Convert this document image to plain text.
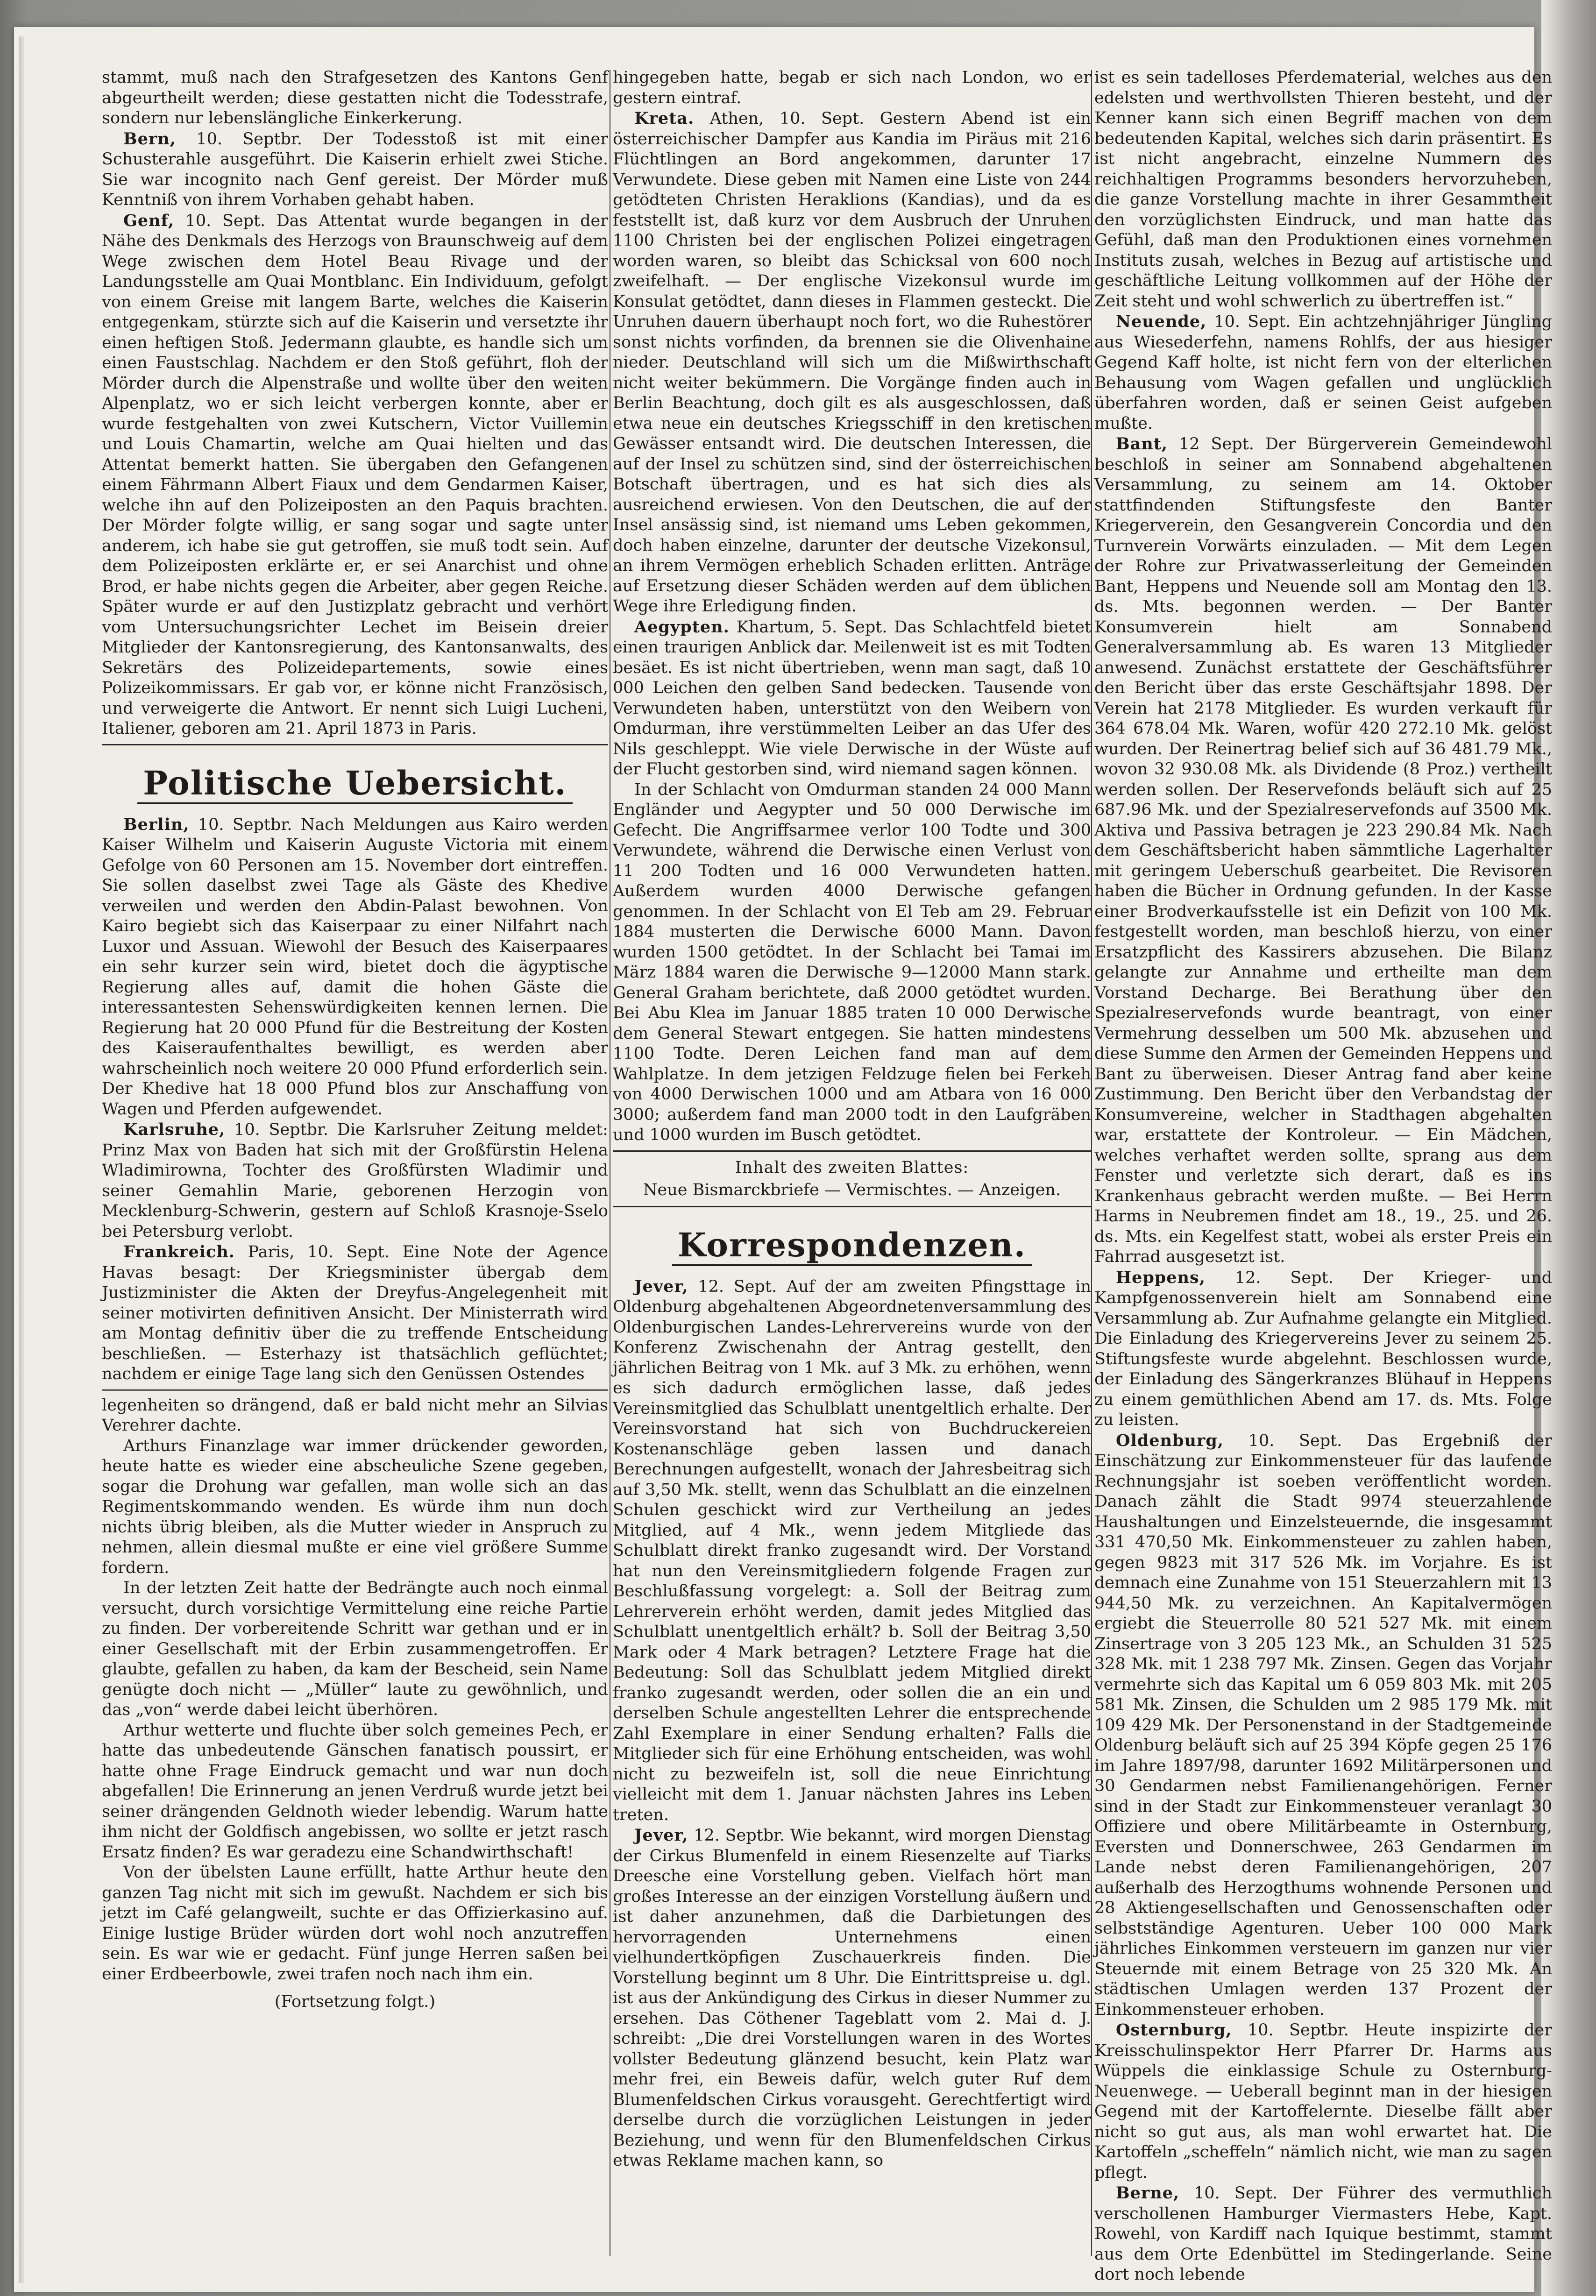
stammt, muß nach den Strafgesetzen des Kantons Genf abgeurtheilt werden; diese gestatten nicht die Todesstrafe, sondern nur lebenslängliche Einkerkerung.

Bern, 10. Septbr. Der Todesstoß ist mit einer Schusterahle ausgeführt. Die Kaiserin erhielt zwei Stiche. Sie war incognito nach Genf gereist. Der Mörder muß Kenntniß von ihrem Vorhaben gehabt haben.

Genf, 10. Sept. Das Attentat wurde begangen in der Nähe des Denkmals des Herzogs von Braunschweig auf dem Wege zwischen dem Hotel Beau Rivage und der Landungsstelle am Quai Montblanc. Ein Individuum, gefolgt von einem Greise mit langem Barte, welches die Kaiserin entgegenkam, stürzte sich auf die Kaiserin und versetzte ihr einen heftigen Stoß. Jedermann glaubte, es handle sich um einen Faustschlag. Nachdem er den Stoß geführt, floh der Mörder durch die Alpenstraße und wollte über den weiten Alpenplatz, wo er sich leicht verbergen konnte, aber er wurde festgehalten von zwei Kutschern, Victor Vuillemin und Louis Chamartin, welche am Quai hielten und das Attentat bemerkt hatten. Sie übergaben den Gefangenen einem Fährmann Albert Fiaux und dem Gendarmen Kaiser, welche ihn auf den Polizeiposten an den Paquis brachten. Der Mörder folgte willig, er sang sogar und sagte unter anderem, ich habe sie gut getroffen, sie muß todt sein. Auf dem Polizeiposten erklärte er, er sei Anarchist und ohne Brod, er habe nichts gegen die Arbeiter, aber gegen Reiche. Später wurde er auf den Justizplatz gebracht und verhört vom Untersuchungsrichter Lechet im Beisein dreier Mitglieder der Kantonsregierung, des Kantonsanwalts, des Sekretärs des Polizeidepartements, sowie eines Polizeikommissars. Er gab vor, er könne nicht Französisch, und verweigerte die Antwort. Er nennt sich Luigi Lucheni, Italiener, geboren am 21. April 1873 in Paris.

Politische Uebersicht.

Berlin, 10. Septbr. Nach Meldungen aus Kairo werden Kaiser Wilhelm und Kaiserin Auguste Victoria mit einem Gefolge von 60 Personen am 15. November dort eintreffen. Sie sollen daselbst zwei Tage als Gäste des Khedive verweilen und werden den Abdin-Palast bewohnen. Von Kairo begiebt sich das Kaiserpaar zu einer Nilfahrt nach Luxor und Assuan. Wiewohl der Besuch des Kaiserpaares ein sehr kurzer sein wird, bietet doch die ägyptische Regierung alles auf, damit die hohen Gäste die interessantesten Sehenswürdigkeiten kennen lernen. Die Regierung hat 20 000 Pfund für die Bestreitung der Kosten des Kaiseraufenthaltes bewilligt, es werden aber wahrscheinlich noch weitere 20 000 Pfund erforderlich sein. Der Khedive hat 18 000 Pfund blos zur Anschaffung von Wagen und Pferden aufgewendet.

Karlsruhe, 10. Septbr. Die Karlsruher Zeitung meldet: Prinz Max von Baden hat sich mit der Großfürstin Helena Wladimirowna, Tochter des Großfürsten Wladimir und seiner Gemahlin Marie, geborenen Herzogin von Mecklenburg-Schwerin, gestern auf Schloß Krasnoje-Sselo bei Petersburg verlobt.

Frankreich. Paris, 10. Sept. Eine Note der Agence Havas besagt: Der Kriegsminister übergab dem Justizminister die Akten der Dreyfus-Angelegenheit mit seiner motivirten definitiven Ansicht. Der Ministerrath wird am Montag definitiv über die zu treffende Entscheidung beschließen. — Esterhazy ist thatsächlich geflüchtet; nachdem er einige Tage lang sich den Genüssen Ostendes

legenheiten so drängend, daß er bald nicht mehr an Silvias Verehrer dachte.

Arthurs Finanzlage war immer drückender geworden, heute hatte es wieder eine abscheuliche Szene gegeben, sogar die Drohung war gefallen, man wolle sich an das Regimentskommando wenden. Es würde ihm nun doch nichts übrig bleiben, als die Mutter wieder in Anspruch zu nehmen, allein diesmal mußte er eine viel größere Summe fordern.

In der letzten Zeit hatte der Bedrängte auch noch einmal versucht, durch vorsichtige Vermittelung eine reiche Partie zu finden. Der vorbereitende Schritt war gethan und er in einer Gesellschaft mit der Erbin zusammengetroffen. Er glaubte, gefallen zu haben, da kam der Bescheid, sein Name genügte doch nicht — „Müller“ laute zu gewöhnlich, und das „von“ werde dabei leicht überhören.

Arthur wetterte und fluchte über solch gemeines Pech, er hatte das unbedeutende Gänschen fanatisch poussirt, er hatte ohne Frage Eindruck gemacht und war nun doch abgefallen! Die Erinnerung an jenen Verdruß wurde jetzt bei seiner drängenden Geldnoth wieder lebendig. Warum hatte ihm nicht der Goldfisch angebissen, wo sollte er jetzt rasch Ersatz finden? Es war geradezu eine Schandwirthschaft!

Von der übelsten Laune erfüllt, hatte Arthur heute den ganzen Tag nicht mit sich im gewußt. Nachdem er sich bis jetzt im Café gelangweilt, suchte er das Offizierkasino auf. Einige lustige Brüder würden dort wohl noch anzutreffen sein. Es war wie er gedacht. Fünf junge Herren saßen bei einer Erdbeerbowle, zwei trafen noch nach ihm ein.

(Fortsetzung folgt.)

hingegeben hatte, begab er sich nach London, wo er gestern eintraf.

Kreta. Athen, 10. Sept. Gestern Abend ist ein österreichischer Dampfer aus Kandia im Piräus mit 216 Flüchtlingen an Bord angekommen, darunter 17 Verwundete. Diese geben mit Namen eine Liste von 244 getödteten Christen Heraklions (Kandias), und da es feststellt ist, daß kurz vor dem Ausbruch der Unruhen 1100 Christen bei der englischen Polizei eingetragen worden waren, so bleibt das Schicksal von 600 noch zweifelhaft. — Der englische Vizekonsul wurde im Konsulat getödtet, dann dieses in Flammen gesteckt. Die Unruhen dauern überhaupt noch fort, wo die Ruhestörer sonst nichts vorfinden, da brennen sie die Olivenhaine nieder. Deutschland will sich um die Mißwirthschaft nicht weiter bekümmern. Die Vorgänge finden auch in Berlin Beachtung, doch gilt es als ausgeschlossen, daß etwa neue ein deutsches Kriegsschiff in den kretischen Gewässer entsandt wird. Die deutschen Interessen, die auf der Insel zu schützen sind, sind der österreichischen Botschaft übertragen, und es hat sich dies als ausreichend erwiesen. Von den Deutschen, die auf der Insel ansässig sind, ist niemand ums Leben gekommen, doch haben einzelne, darunter der deutsche Vizekonsul, an ihrem Vermögen erheblich Schaden erlitten. Anträge auf Ersetzung dieser Schäden werden auf dem üblichen Wege ihre Erledigung finden.

Aegypten. Khartum, 5. Sept. Das Schlachtfeld bietet einen traurigen Anblick dar. Meilenweit ist es mit Todten besäet. Es ist nicht übertrieben, wenn man sagt, daß 10 000 Leichen den gelben Sand bedecken. Tausende von Verwundeten haben, unterstützt von den Weibern von Omdurman, ihre verstümmelten Leiber an das Ufer des Nils geschleppt. Wie viele Derwische in der Wüste auf der Flucht gestorben sind, wird niemand sagen können.

In der Schlacht von Omdurman standen 24 000 Mann Engländer und Aegypter und 50 000 Derwische im Gefecht. Die Angriffsarmee verlor 100 Todte und 300 Verwundete, während die Derwische einen Verlust von 11 200 Todten und 16 000 Verwundeten hatten. Außerdem wurden 4000 Derwische gefangen genommen. In der Schlacht von El Teb am 29. Februar 1884 musterten die Derwische 6000 Mann. Davon wurden 1500 getödtet. In der Schlacht bei Tamai im März 1884 waren die Derwische 9—12000 Mann stark. General Graham berichtete, daß 2000 getödtet wurden. Bei Abu Klea im Januar 1885 traten 10 000 Derwische dem General Stewart entgegen. Sie hatten mindestens 1100 Todte. Deren Leichen fand man auf dem Wahlplatze. In dem jetzigen Feldzuge fielen bei Ferkeh von 4000 Derwischen 1000 und am Atbara von 16 000 3000; außerdem fand man 2000 todt in den Laufgräben und 1000 wurden im Busch getödtet.

Inhalt des zweiten Blattes:
Neue Bismarckbriefe — Vermischtes. — Anzeigen.
Korrespondenzen.

Jever, 12. Sept. Auf der am zweiten Pfingsttage in Oldenburg abgehaltenen Abgeordnetenversammlung des Oldenburgischen Landes-Lehrervereins wurde von der Konferenz Zwischenahn der Antrag gestellt, den jährlichen Beitrag von 1 Mk. auf 3 Mk. zu erhöhen, wenn es sich dadurch ermöglichen lasse, daß jedes Vereinsmitglied das Schulblatt unentgeltlich erhalte. Der Vereinsvorstand hat sich von Buchdruckereien Kostenanschläge geben lassen und danach Berechnungen aufgestellt, wonach der Jahresbeitrag sich auf 3,50 Mk. stellt, wenn das Schulblatt an die einzelnen Schulen geschickt wird zur Vertheilung an jedes Mitglied, auf 4 Mk., wenn jedem Mitgliede das Schulblatt direkt franko zugesandt wird. Der Vorstand hat nun den Vereinsmitgliedern folgende Fragen zur Beschlußfassung vorgelegt: a. Soll der Beitrag zum Lehrerverein erhöht werden, damit jedes Mitglied das Schulblatt unentgeltlich erhält? b. Soll der Beitrag 3,50 Mark oder 4 Mark betragen? Letztere Frage hat die Bedeutung: Soll das Schulblatt jedem Mitglied direkt franko zugesandt werden, oder sollen die an ein und derselben Schule angestellten Lehrer die entsprechende Zahl Exemplare in einer Sendung erhalten? Falls die Mitglieder sich für eine Erhöhung entscheiden, was wohl nicht zu bezweifeln ist, soll die neue Einrichtung vielleicht mit dem 1. Januar nächsten Jahres ins Leben treten.

Jever, 12. Septbr. Wie bekannt, wird morgen Dienstag der Cirkus Blumenfeld in einem Riesenzelte auf Tiarks Dreesche eine Vorstellung geben. Vielfach hört man großes Interesse an der einzigen Vorstellung äußern und ist daher anzunehmen, daß die Darbietungen des hervorragenden Unternehmens einen vielhundertköpfigen Zuschauerkreis finden. Die Vorstellung beginnt um 8 Uhr. Die Eintrittspreise u. dgl. ist aus der Ankündigung des Cirkus in dieser Nummer zu ersehen. Das Cöthener Tageblatt vom 2. Mai d. J. schreibt: „Die drei Vorstellungen waren in des Wortes vollster Bedeutung glänzend besucht, kein Platz war mehr frei, ein Beweis dafür, welch guter Ruf dem Blumenfeldschen Cirkus vorausgeht. Gerechtfertigt wird derselbe durch die vorzüglichen Leistungen in jeder Beziehung, und wenn für den Blumenfeldschen Cirkus etwas Reklame machen kann, so

ist es sein tadelloses Pferdematerial, welches aus den edelsten und werthvollsten Thieren besteht, und der Kenner kann sich einen Begriff machen von dem bedeutenden Kapital, welches sich darin präsentirt. Es ist nicht angebracht, einzelne Nummern des reichhaltigen Programms besonders hervorzuheben, die ganze Vorstellung machte in ihrer Gesammtheit den vorzüglichsten Eindruck, und man hatte das Gefühl, daß man den Produktionen eines vornehmen Instituts zusah, welches in Bezug auf artistische und geschäftliche Leitung vollkommen auf der Höhe der Zeit steht und wohl schwerlich zu übertreffen ist.“

Neuende, 10. Sept. Ein achtzehnjähriger Jüngling aus Wiesederfehn, namens Rohlfs, der aus hiesiger Gegend Kaff holte, ist nicht fern von der elterlichen Behausung vom Wagen gefallen und unglücklich überfahren worden, daß er seinen Geist aufgeben mußte.

Bant, 12 Sept. Der Bürgerverein Gemeindewohl beschloß in seiner am Sonnabend abgehaltenen Versammlung, zu seinem am 14. Oktober stattfindenden Stiftungsfeste den Banter Kriegerverein, den Gesangverein Concordia und den Turnverein Vorwärts einzuladen. — Mit dem Legen der Rohre zur Privatwasserleitung der Gemeinden Bant, Heppens und Neuende soll am Montag den 13. ds. Mts. begonnen werden. — Der Banter Konsumverein hielt am Sonnabend Generalversammlung ab. Es waren 13 Mitglieder anwesend. Zunächst erstattete der Geschäftsführer den Bericht über das erste Geschäftsjahr 1898. Der Verein hat 2178 Mitglieder. Es wurden verkauft für 364 678.04 Mk. Waren, wofür 420 272.10 Mk. gelöst wurden. Der Reinertrag belief sich auf 36 481.79 Mk., wovon 32 930.08 Mk. als Dividende (8 Proz.) vertheilt werden sollen. Der Reservefonds beläuft sich auf 25 687.96 Mk. und der Spezialreservefonds auf 3500 Mk. Aktiva und Passiva betragen je 223 290.84 Mk. Nach dem Geschäftsbericht haben sämmtliche Lagerhalter mit geringem Ueberschuß gearbeitet. Die Revisoren haben die Bücher in Ordnung gefunden. In der Kasse einer Brodverkaufsstelle ist ein Defizit von 100 Mk. festgestellt worden, man beschloß hierzu, von einer Ersatzpflicht des Kassirers abzusehen. Die Bilanz gelangte zur Annahme und ertheilte man dem Vorstand Decharge. Bei Berathung über den Spezialreservefonds wurde beantragt, von einer Vermehrung desselben um 500 Mk. abzusehen und diese Summe den Armen der Gemeinden Heppens und Bant zu überweisen. Dieser Antrag fand aber keine Zustimmung. Den Bericht über den Verbandstag der Konsumvereine, welcher in Stadthagen abgehalten war, erstattete der Kontroleur. — Ein Mädchen, welches verhaftet werden sollte, sprang aus dem Fenster und verletzte sich derart, daß es ins Krankenhaus gebracht werden mußte. — Bei Herrn Harms in Neubremen findet am 18., 19., 25. und 26. ds. Mts. ein Kegelfest statt, wobei als erster Preis ein Fahrrad ausgesetzt ist.

Heppens, 12. Sept. Der Krieger- und Kampfgenossenverein hielt am Sonnabend eine Versammlung ab. Zur Aufnahme gelangte ein Mitglied. Die Einladung des Kriegervereins Jever zu seinem 25. Stiftungsfeste wurde abgelehnt. Beschlossen wurde, der Einladung des Sängerkranzes Blühauf in Heppens zu einem gemüthlichen Abend am 17. ds. Mts. Folge zu leisten.

Oldenburg, 10. Sept. Das Ergebniß der Einschätzung zur Einkommensteuer für das laufende Rechnungsjahr ist soeben veröffentlicht worden. Danach zählt die Stadt 9974 steuerzahlende Haushaltungen und Einzelsteuernde, die insgesammt 331 470,50 Mk. Einkommensteuer zu zahlen haben, gegen 9823 mit 317 526 Mk. im Vorjahre. Es ist demnach eine Zunahme von 151 Steuerzahlern mit 13 944,50 Mk. zu verzeichnen. An Kapitalvermögen ergiebt die Steuerrolle 80 521 527 Mk. mit einem Zinsertrage von 3 205 123 Mk., an Schulden 31 525 328 Mk. mit 1 238 797 Mk. Zinsen. Gegen das Vorjahr vermehrte sich das Kapital um 6 059 803 Mk. mit 205 581 Mk. Zinsen, die Schulden um 2 985 179 Mk. mit 109 429 Mk. Der Personenstand in der Stadtgemeinde Oldenburg beläuft sich auf 25 394 Köpfe gegen 25 176 im Jahre 1897/98, darunter 1692 Militärpersonen und 30 Gendarmen nebst Familienangehörigen. Ferner sind in der Stadt zur Einkommensteuer veranlagt 30 Offiziere und obere Militärbeamte in Osternburg, Eversten und Donnerschwee, 263 Gendarmen im Lande nebst deren Familienangehörigen, 207 außerhalb des Herzogthums wohnende Personen und 28 Aktiengesellschaften und Genossenschaften oder selbstständige Agenturen. Ueber 100 000 Mark jährliches Einkommen versteuern im ganzen nur vier Steuernde mit einem Betrage von 25 320 Mk. An städtischen Umlagen werden 137 Prozent der Einkommensteuer erhoben.

Osternburg, 10. Septbr. Heute inspizirte der Kreisschulinspektor Herr Pfarrer Dr. Harms aus Wüppels die einklassige Schule zu Osternburg-Neuenwege. — Ueberall beginnt man in der hiesigen Gegend mit der Kartoffelernte. Dieselbe fällt aber nicht so gut aus, als man wohl erwartet hat. Die Kartoffeln „scheffeln“ nämlich nicht, wie man zu sagen pflegt.

Berne, 10. Sept. Der Führer des vermuthlich verschollenen Hamburger Viermasters Hebe, Kapt. Rowehl, von Kardiff nach Iquique bestimmt, stammt aus dem Orte Edenbüttel im Stedingerlande. Seine dort noch lebende
